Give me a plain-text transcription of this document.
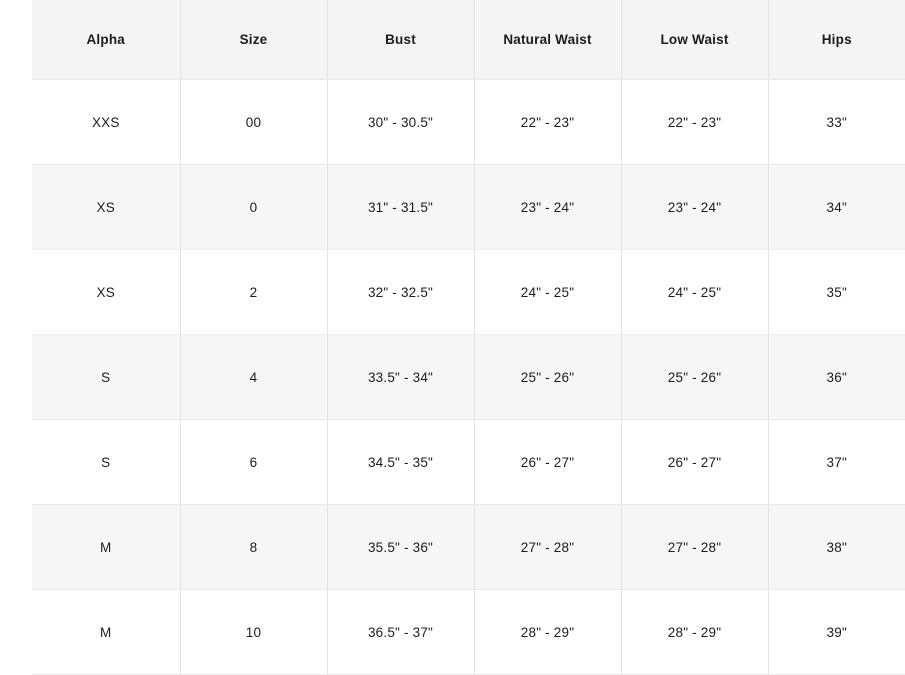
Alpha	Size	Bust	Natural Waist	Low Waist	Hips
XXS	00	30" - 30.5"	22" - 23"	22" - 23"	33"
XS	0	31" - 31.5"	23" - 24"	23" - 24"	34"
XS	2	32" - 32.5"	24" - 25"	24" - 25"	35"
S	4	33.5" - 34"	25" - 26"	25" - 26"	36"
S	6	34.5" - 35"	26" - 27"	26" - 27"	37"
M	8	35.5" - 36"	27" - 28"	27" - 28"	38"
M	10	36.5" - 37"	28" - 29"	28" - 29"	39"
